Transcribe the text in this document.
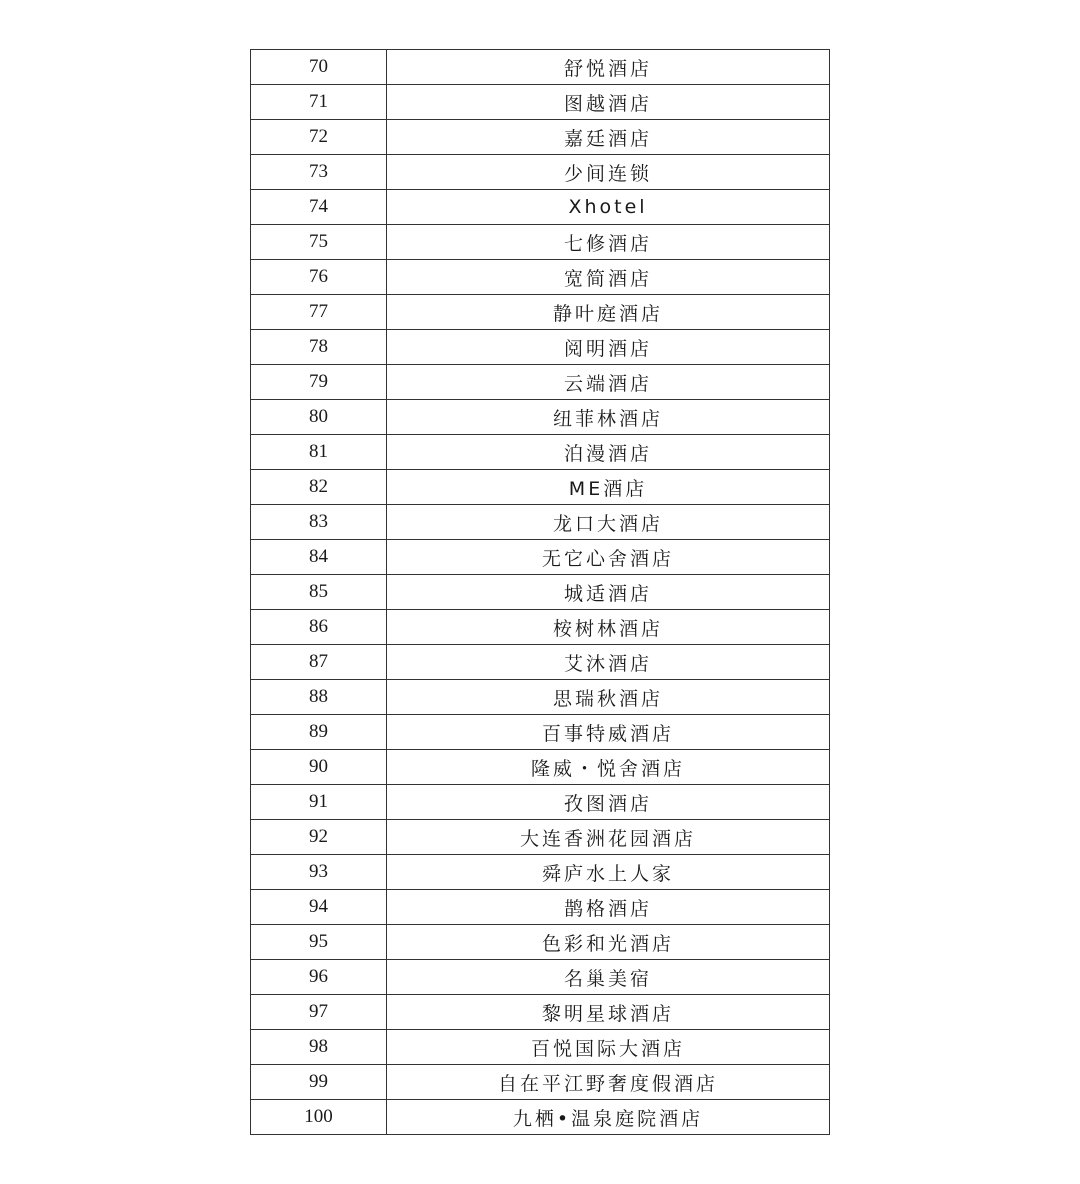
70	舒悦酒店
71	图越酒店
72	嘉廷酒店
73	少间连锁
74	Xhotel
75	七修酒店
76	宽简酒店
77	静叶庭酒店
78	阅明酒店
79	云端酒店
80	纽菲林酒店
81	泊漫酒店
82	ME酒店
83	龙口大酒店
84	无它心舍酒店
85	城适酒店
86	桉树林酒店
87	艾沐酒店
88	思瑞秋酒店
89	百事特威酒店
90	隆威・悦舍酒店
91	孜图酒店
92	大连香洲花园酒店
93	舜庐水上人家
94	鹊格酒店
95	色彩和光酒店
96	名巢美宿
97	黎明星球酒店
98	百悦国际大酒店
99	自在平江野奢度假酒店
100	九栖•温泉庭院酒店
